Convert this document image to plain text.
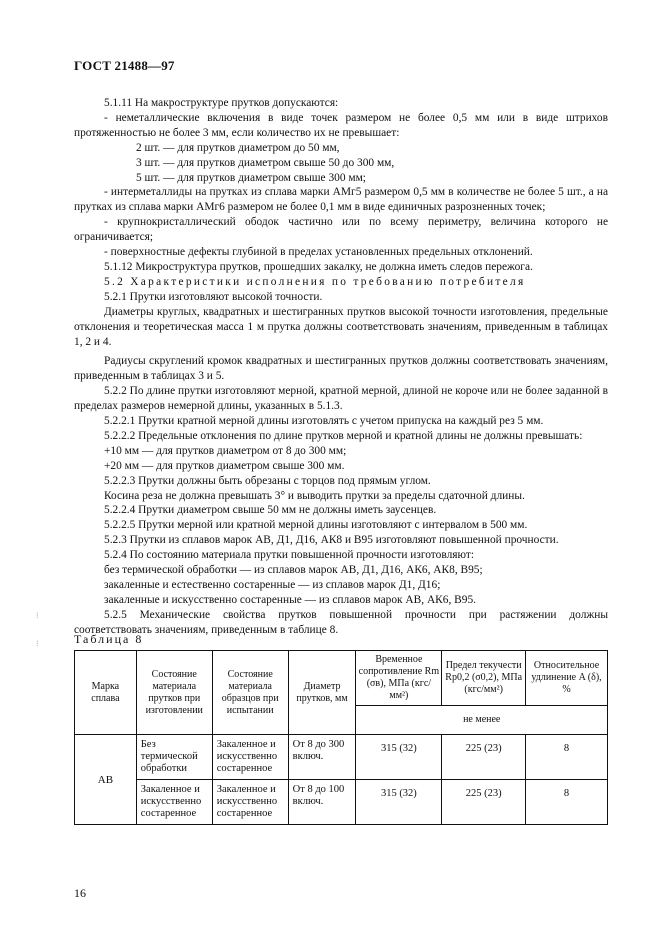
ГОСТ 21488—97

5.1.11 На макроструктуре прутков допускаются:

- неметаллические включения в виде точек размером не более 0,5 мм или в виде штрихов протяженностью не более 3 мм, если количество их не превышает:

2 шт. — для прутков диаметром до 50 мм,

3 шт. — для прутков диаметром свыше 50 до 300 мм,

5 шт. — для прутков диаметром свыше 300 мм;

- интерметаллиды на прутках из сплава марки АМг5 размером 0,5 мм в количестве не более 5 шт., а на прутках из сплава марки АМг6 размером не более 0,1 мм в виде единичных разрозненных точек;

- крупнокристаллический ободок частично или по всему периметру, величина которого не ограничивается;

- поверхностные дефекты глубиной в пределах установленных предельных отклонений.

5.1.12 Микроструктура прутков, прошедших закалку, не должна иметь следов пережога.

5.2 Характеристики исполнения по требованию потребителя

5.2.1 Прутки изготовляют высокой точности.

Диаметры круглых, квадратных и шестигранных прутков высокой точности изготовления, предельные отклонения и теоретическая масса 1 м прутка должны соответствовать значениям, приведенным в таблицах 1, 2 и 4.

Радиусы скруглений кромок квадратных и шестигранных прутков должны соответствовать значениям, приведенным в таблицах 3 и 5.

5.2.2 По длине прутки изготовляют мерной, кратной мерной, длиной не короче или не более заданной в пределах размеров немерной длины, указанных в 5.1.3.

5.2.2.1 Прутки кратной мерной длины изготовлять с учетом припуска на каждый рез 5 мм.

5.2.2.2 Предельные отклонения по длине прутков мерной и кратной длины не должны превышать:

+10 мм — для прутков диаметром от 8 до 300 мм;

+20 мм — для прутков диаметром свыше 300 мм.

5.2.2.3 Прутки должны быть обрезаны с торцов под прямым углом.

Косина реза не должна превышать 3° и выводить прутки за пределы сдаточной длины.

5.2.2.4 Прутки диаметром свыше 50 мм не должны иметь заусенцев.

5.2.2.5 Прутки мерной или кратной мерной длины изготовляют с интервалом в 500 мм.

5.2.3 Прутки из сплавов марок АВ, Д1, Д16, АК8 и В95 изготовляют повышенной прочности.

5.2.4 По состоянию материала прутки повышенной прочности изготовляют:

без термической обработки — из сплавов марок АВ, Д1, Д16, АК6, АК8, В95;

закаленные и естественно состаренные — из сплавов марок Д1, Д16;

закаленные и искусственно состаренные — из сплавов марок АВ, АК6, В95.

5.2.5 Механические свойства прутков повышенной прочности при растяжении должны соответствовать значениям, приведенным в таблице 8.

⁝
⁝	Таблица 8
Марка сплава	Состояние материала прутков при изготовлении	Состояние материала образцов при испытании	Диаметр прутков, мм	Временное сопротивление Rm (σв), МПа (кгс/мм²)	Предел текучести Rp0,2 (σ0,2), МПа (кгс/мм²)	Относительное удлинение A (δ), %
				не менее		
АВ	Без термической обработки	Закаленное и искусственно состаренное	От 8 до 300 включ.	315 (32)	225 (23)	8
	Закаленное и искусственно состаренное	Закаленное и искусственно состаренное	От 8 до 100 включ.	315 (32)	225 (23)	8
16
